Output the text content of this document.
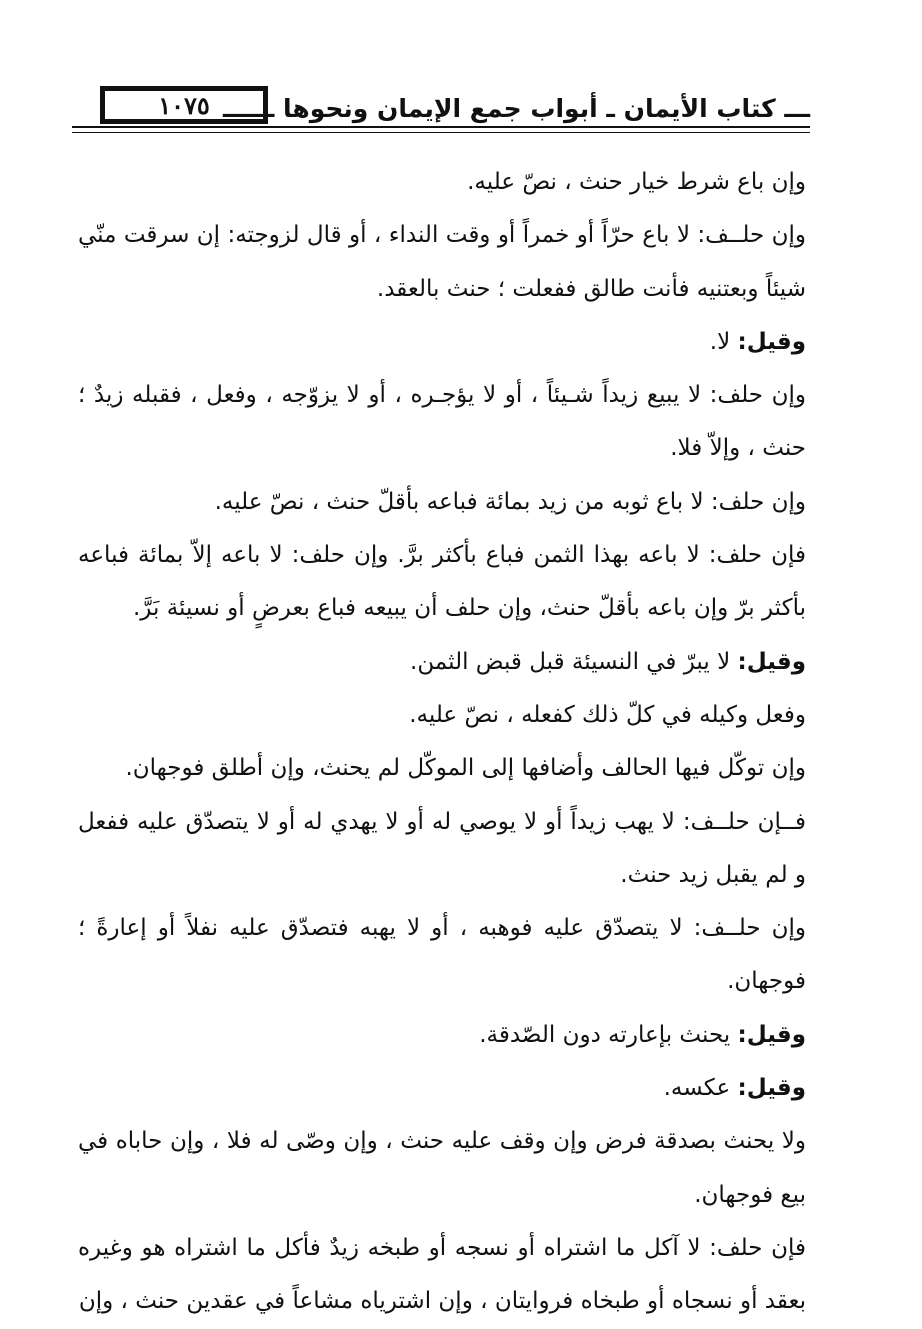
١٠٧٥ ـــ كتاب الأيمان ـ أبواب جمع الإيمان ونحوها ــــــ

وإن باع شرط خيار حنث ، نصّ عليه.

وإن حلــف: لا باع حرّاً أو خمراً أو وقت النداء ، أو قال لزوجته: إن سرقت منّي شيئاً وبعتنيه فأنت طالق ففعلت ؛ حنث بالعقد.

وقيل: لا.

وإن حلف: لا يبيع زيداً شـيئاً ، أو لا يؤجـره ، أو لا يزوّجه ، وفعل ، فقبله زيدٌ ؛ حنث ، وإلاّ فلا.

وإن حلف: لا باع ثوبه من زيد بمائة فباعه بأقلّ حنث ، نصّ عليه.

فإن حلف: لا باعه بهذا الثمن فباع بأكثر برَّ. وإن حلف: لا باعه إلاّ بمائة فباعه بأكثر برّ وإن باعه بأقلّ حنث، وإن حلف أن يبيعه فباع بعرضٍ أو نسيئة بَرَّ.

وقيل: لا يبرّ في النسيئة قبل قبض الثمن.

وفعل وكيله في كلّ ذلك كفعله ، نصّ عليه.

وإن توكّل فيها الحالف وأضافها إلى الموكّل لم يحنث، وإن أطلق فوجهان.

فــإن حلــف: لا يهب زيداً أو لا يوصي له أو لا يهدي له أو لا يتصدّق عليه ففعل و لم يقبل زيد حنث.

وإن حلــف: لا يتصدّق عليه فوهبه ، أو لا يهبه فتصدّق عليه نفلاً أو إعارةً ؛ فوجهان.

وقيل: يحنث بإعارته دون الصّدقة.

وقيل: عكسه.

ولا يحنث بصدقة فرض وإن وقف عليه حنث ، وإن وصّى له فلا ، وإن حاباه في بيع فوجهان.

فإن حلف: لا آكل ما اشتراه أو نسجه أو طبخه زيدٌ فأكل ما اشتراه هو وغيره بعقد أو نسجاه أو طبخاه فروايتان ، وإن اشترياه مشاعاً في عقدين حنث ، وإن
